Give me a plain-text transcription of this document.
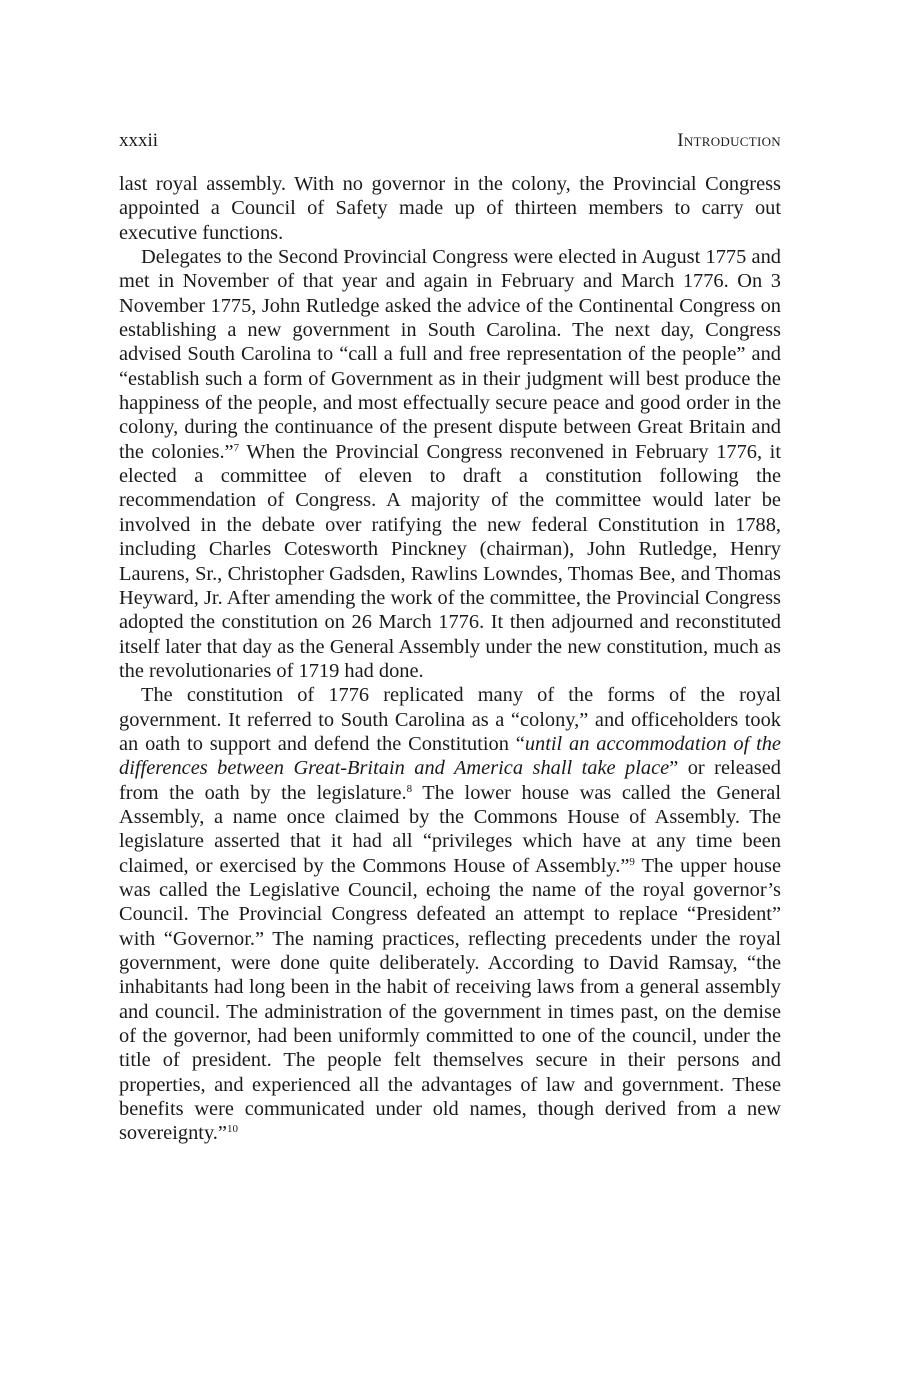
xxxii	Introduction

last royal assembly. With no governor in the colony, the Provincial Congress appointed a Council of Safety made up of thirteen members to carry out executive functions.

Delegates to the Second Provincial Congress were elected in August 1775 and met in November of that year and again in February and March 1776. On 3 November 1775, John Rutledge asked the advice of the Continental Congress on establishing a new government in South Carolina. The next day, Congress advised South Carolina to “call a full and free representation of the people” and “establish such a form of Government as in their judgment will best produce the happiness of the people, and most effectually secure peace and good order in the colony, during the continuance of the present dispute between Great Britain and the colonies.”$^7$ When the Provincial Congress reconvened in February 1776, it elected a committee of eleven to draft a constitution following the recommendation of Congress. A majority of the committee would later be involved in the debate over ratifying the new federal Constitution in 1788, including Charles Cotesworth Pinckney (chairman), John Rutledge, Henry Laurens, Sr., Christopher Gadsden, Rawlins Lowndes, Thomas Bee, and Thomas Heyward, Jr. After amending the work of the committee, the Provincial Congress adopted the constitution on 26 March 1776. It then adjourned and reconstituted itself later that day as the General Assembly under the new constitution, much as the revolutionaries of 1719 had done.

The constitution of 1776 replicated many of the forms of the royal government. It referred to South Carolina as a “colony,” and officeholders took an oath to support and defend the Constitution “until an accommodation of the differences between Great-Britain and America shall take place” or released from the oath by the legislature.$^8$ The lower house was called the General Assembly, a name once claimed by the Commons House of Assembly. The legislature asserted that it had all “privileges which have at any time been claimed, or exercised by the Commons House of Assembly.”$^9$ The upper house was called the Legislative Council, echoing the name of the royal governor’s Council. The Provincial Congress defeated an attempt to replace “President” with “Governor.” The naming practices, reflecting precedents under the royal government, were done quite deliberately. According to David Ramsay, “the inhabitants had long been in the habit of receiving laws from a general assembly and council. The administration of the government in times past, on the demise of the governor, had been uniformly committed to one of the council, under the title of president. The people felt themselves secure in their persons and properties, and experienced all the advantages of law and government. These benefits were communicated under old names, though derived from a new sovereignty.”$^{10}$
